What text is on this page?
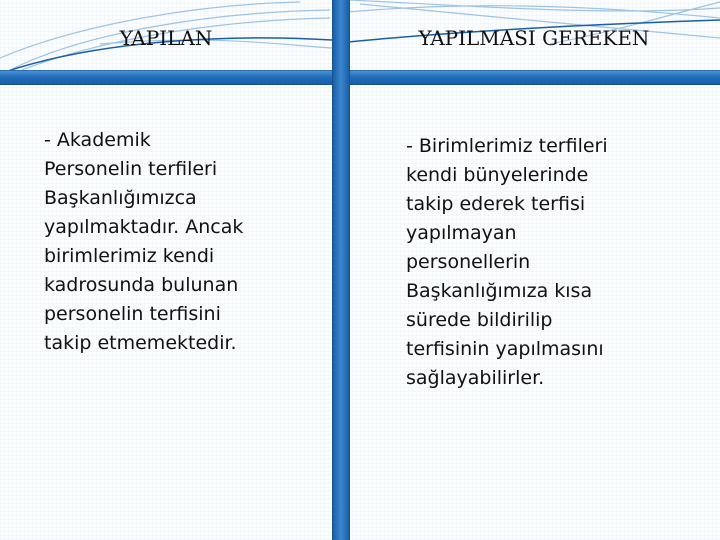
YAPILAN	YAPILMASI GEREKEN
- Akademik
Personelin terfileri
Başkanlığımızca
yapılmaktadır. Ancak
birimlerimiz kendi
kadrosunda bulunan
personelin terfisini
takip etmemektedir.
- Birimlerimiz terfileri
kendi bünyelerinde
takip ederek terfisi
yapılmayan
personellerin
Başkanlığımıza kısa
sürede bildirilip
terfisinin yapılmasını
sağlayabilirler.
